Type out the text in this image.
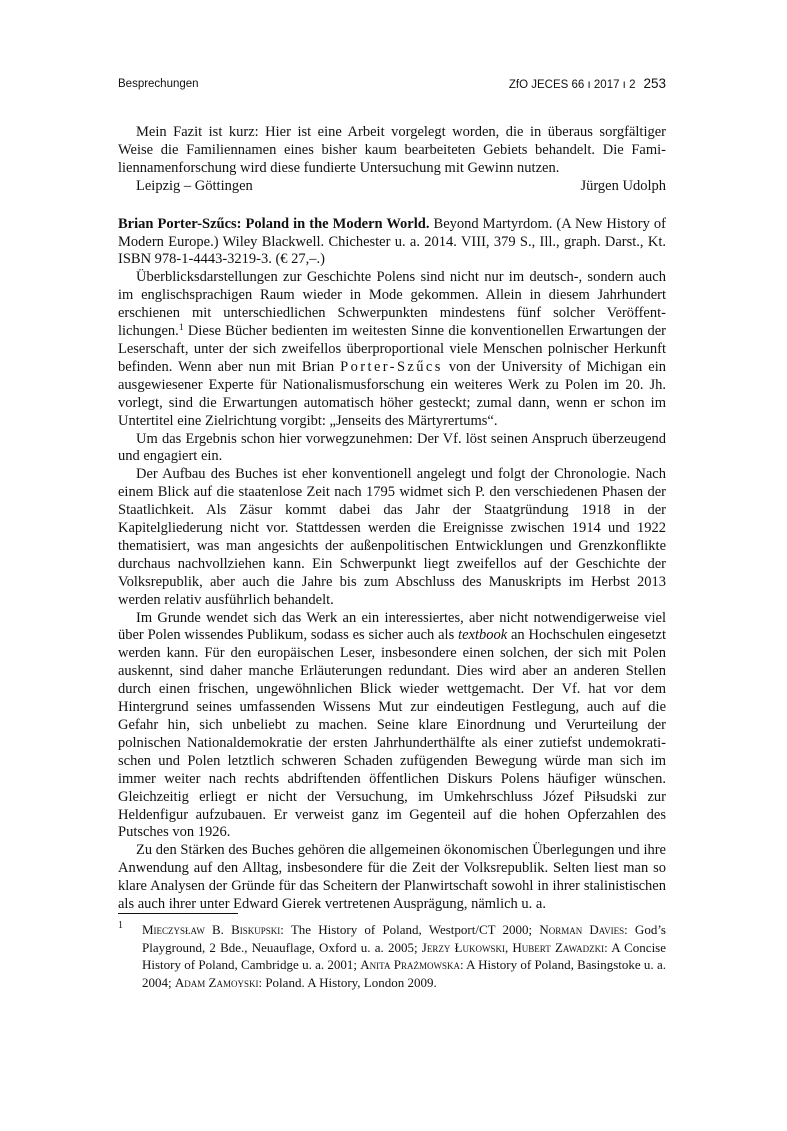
Besprechungen	ZfO JECES 66 ı 2017 ı 2 253

Mein Fazit ist kurz: Hier ist eine Arbeit vorgelegt worden, die in überaus sorgfältiger Weise die Familiennamen eines bisher kaum bearbeiteten Gebiets behandelt. Die Familiennamenforschung wird diese fundierte Untersuchung mit Gewinn nutzen.

Leipzig – Göttingen	Jürgen Udolph

Brian Porter-Szűcs: Poland in the Modern World. Beyond Martyrdom. (A New History of Modern Europe.) Wiley Blackwell. Chichester u. a. 2014. VIII, 379 S., Ill., graph. Darst., Kt. ISBN 978-1-4443-3219-3. (€ 27,–.)

Überblicksdarstellungen zur Geschichte Polens sind nicht nur im deutsch-, sondern auch im englischsprachigen Raum wieder in Mode gekommen. Allein in diesem Jahrhundert erschienen mit unterschiedlichen Schwerpunkten mindestens fünf solcher Veröffentlichungen.$^1$ Diese Bücher bedienten im weitesten Sinne die konventionellen Erwartungen der Leserschaft, unter der sich zweifellos überproportional viele Menschen polnischer Herkunft befinden. Wenn aber nun mit Brian Porter-Szűcs von der University of Michigan ein ausgewiesener Experte für Nationalismusforschung ein weiteres Werk zu Polen im 20. Jh. vorlegt, sind die Erwartungen automatisch höher gesteckt; zumal dann, wenn er schon im Untertitel eine Zielrichtung vorgibt: „Jenseits des Märtyrertums“.

Um das Ergebnis schon hier vorwegzunehmen: Der Vf. löst seinen Anspruch überzeugend und engagiert ein.

Der Aufbau des Buches ist eher konventionell angelegt und folgt der Chronologie. Nach einem Blick auf die staatenlose Zeit nach 1795 widmet sich P. den verschiedenen Phasen der Staatlichkeit. Als Zäsur kommt dabei das Jahr der Staatgründung 1918 in der Kapitelgliederung nicht vor. Stattdessen werden die Ereignisse zwischen 1914 und 1922 thematisiert, was man angesichts der außenpolitischen Entwicklungen und Grenzkonflikte durchaus nachvollziehen kann. Ein Schwerpunkt liegt zweifellos auf der Geschichte der Volksrepublik, aber auch die Jahre bis zum Abschluss des Manuskripts im Herbst 2013 werden relativ ausführlich behandelt.

Im Grunde wendet sich das Werk an ein interessiertes, aber nicht notwendigerweise viel über Polen wissendes Publikum, sodass es sicher auch als textbook an Hochschulen eingesetzt werden kann. Für den europäischen Leser, insbesondere einen solchen, der sich mit Polen auskennt, sind daher manche Erläuterungen redundant. Dies wird aber an anderen Stellen durch einen frischen, ungewöhnlichen Blick wieder wettgemacht. Der Vf. hat vor dem Hintergrund seines umfassenden Wissens Mut zur eindeutigen Festlegung, auch auf die Gefahr hin, sich unbeliebt zu machen. Seine klare Einordnung und Verurteilung der polnischen Nationaldemokratie der ersten Jahrhunderthälfte als einer zutiefst undemokratischen und Polen letztlich schweren Schaden zufügenden Bewegung würde man sich im immer weiter nach rechts abdriftenden öffentlichen Diskurs Polens häufiger wünschen. Gleichzeitig erliegt er nicht der Versuchung, im Umkehrschluss Józef Piłsudski zur Heldenfigur aufzubauen. Er verweist ganz im Gegenteil auf die hohen Opferzahlen des Putsches von 1926.

Zu den Stärken des Buches gehören die allgemeinen ökonomischen Überlegungen und ihre Anwendung auf den Alltag, insbesondere für die Zeit der Volksrepublik. Selten liest man so klare Analysen der Gründe für das Scheitern der Planwirtschaft sowohl in ihrer stalinistischen als auch ihrer unter Edward Gierek vertretenen Ausprägung, nämlich u. a.

1 Mieczysław B. Biskupski: The History of Poland, Westport/CT 2000; Norman Davies: God’s Playground, 2 Bde., Neuauflage, Oxford u. a. 2005; Jerzy Łukowski, Hubert Zawadzki: A Concise History of Poland, Cambridge u. a. 2001; Anita Prażmowska: A History of Poland, Basingstoke u. a. 2004; Adam Zamoyski: Poland. A History, London 2009.
